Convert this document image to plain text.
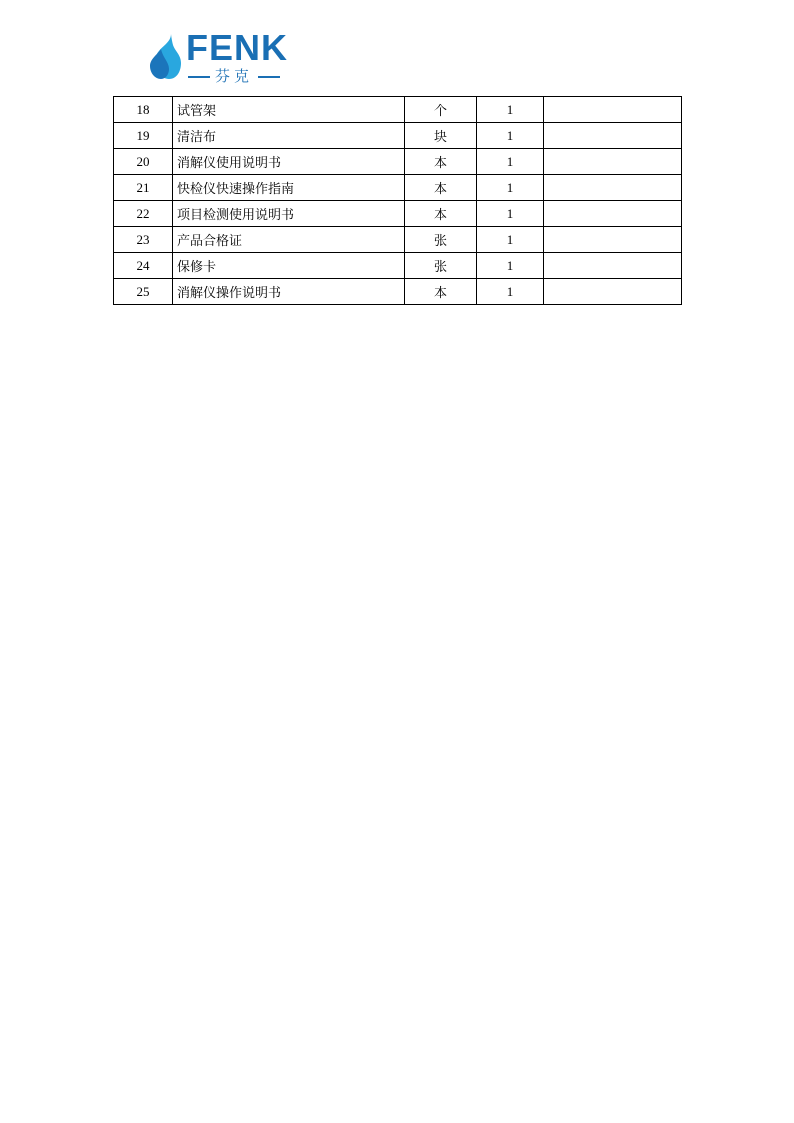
FENK
芬克
18	试管架	个	1	
19	清洁布	块	1	
20	消解仪使用说明书	本	1	
21	快检仪快速操作指南	本	1	
22	项目检测使用说明书	本	1	
23	产品合格证	张	1	
24	保修卡	张	1	
25	消解仪操作说明书	本	1	
